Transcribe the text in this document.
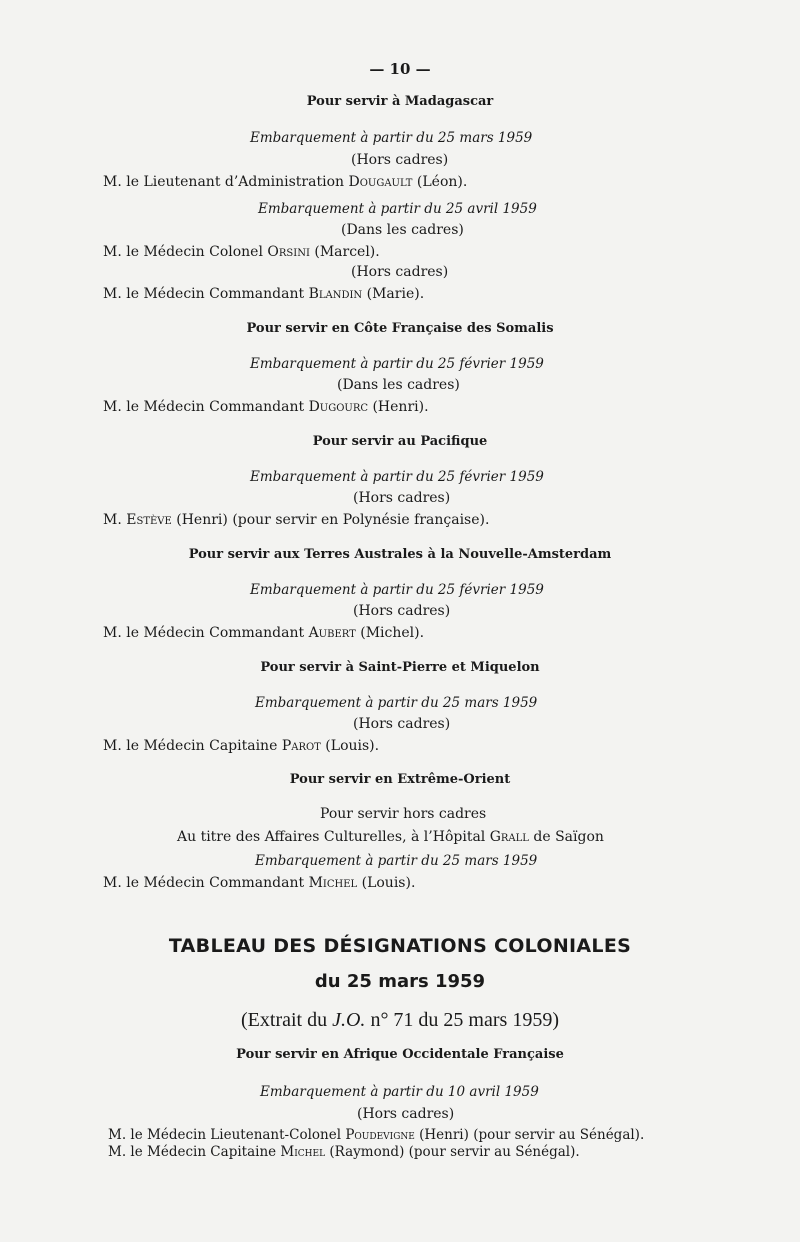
— 10 —
Pour servir à Madagascar
Embarquement à partir du 25 mars 1959
(Hors cadres)
M. le Lieutenant d’Administration Dougault (Léon).
Embarquement à partir du 25 avril 1959
(Dans les cadres)
M. le Médecin Colonel Orsini (Marcel).
(Hors cadres)
M. le Médecin Commandant Blandin (Marie).
Pour servir en Côte Française des Somalis
Embarquement à partir du 25 février 1959
(Dans les cadres)
M. le Médecin Commandant Dugourc (Henri).
Pour servir au Pacifique
Embarquement à partir du 25 février 1959
(Hors cadres)
M. Estève (Henri) (pour servir en Polynésie française).
Pour servir aux Terres Australes à la Nouvelle-Amsterdam
Embarquement à partir du 25 février 1959
(Hors cadres)
M. le Médecin Commandant Aubert (Michel).
Pour servir à Saint-Pierre et Miquelon
Embarquement à partir du 25 mars 1959
(Hors cadres)
M. le Médecin Capitaine Parot (Louis).
Pour servir en Extrême-Orient
Pour servir hors cadres
Au titre des Affaires Culturelles, à l’Hôpital Grall de Saïgon
Embarquement à partir du 25 mars 1959
M. le Médecin Commandant Michel (Louis).
TABLEAU DES DÉSIGNATIONS COLONIALES
du 25 mars 1959
(Extrait du J.O. n° 71 du 25 mars 1959)
Pour servir en Afrique Occidentale Française
Embarquement à partir du 10 avril 1959
(Hors cadres)
M. le Médecin Lieutenant-Colonel Poudevigne (Henri) (pour servir au Sénégal).
M. le Médecin Capitaine Michel (Raymond) (pour servir au Sénégal).
